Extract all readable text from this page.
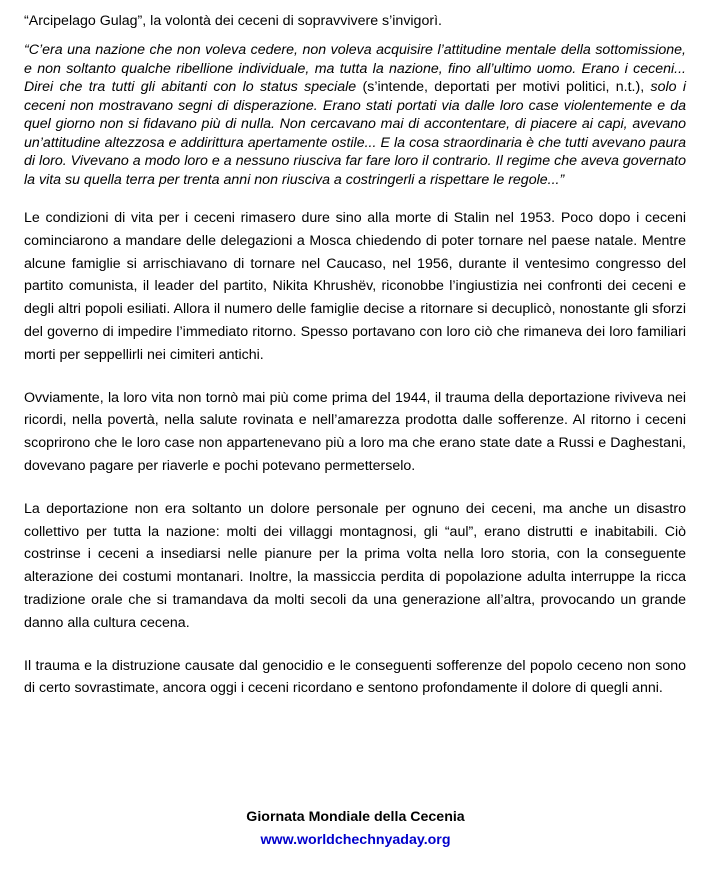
“Arcipelago Gulag”, la volontà dei ceceni di sopravvivere s’invigorì.

“C’era una nazione che non voleva cedere, non voleva acquisire l’attitudine mentale della sottomissione, e non soltanto qualche ribellione individuale, ma tutta la nazione, fino all’ultimo uomo. Erano i ceceni... Direi che tra tutti gli abitanti con lo status speciale (s’intende, deportati per motivi politici, n.t.), solo i ceceni non mostravano segni di disperazione. Erano stati portati via dalle loro case violentemente e da quel giorno non si fidavano più di nulla. Non cercavano mai di accontentare, di piacere ai capi, avevano un’attitudine altezzosa e addirittura apertamente ostile... E la cosa straordinaria è che tutti avevano paura di loro. Vivevano a modo loro e a nessuno riusciva far fare loro il contrario. Il regime che aveva governato la vita su quella terra per trenta anni non riusciva a costringerli a rispettare le regole...”

Le condizioni di vita per i ceceni rimasero dure sino alla morte di Stalin nel 1953. Poco dopo i ceceni cominciarono a mandare delle delegazioni a Mosca chiedendo di poter tornare nel paese natale. Mentre alcune famiglie si arrischiavano di tornare nel Caucaso, nel 1956, durante il ventesimo congresso del partito comunista, il leader del partito, Nikita Khrushëv, riconobbe l’ingiustizia nei confronti dei ceceni e degli altri popoli esiliati. Allora il numero delle famiglie decise a ritornare si decuplicò, nonostante gli sforzi del governo di impedire l’immediato ritorno. Spesso portavano con loro ciò che rimaneva dei loro familiari morti per seppellirli nei cimiteri antichi.

Ovviamente, la loro vita non tornò mai più come prima del 1944, il trauma della deportazione riviveva nei ricordi, nella povertà, nella salute rovinata e nell’amarezza prodotta dalle sofferenze. Al ritorno i ceceni scoprirono che le loro case non appartenevano più a loro ma che erano state date a Russi e Daghestani, dovevano pagare per riaverle e pochi potevano permetterselo.

La deportazione non era soltanto un dolore personale per ognuno dei ceceni, ma anche un disastro collettivo per tutta la nazione: molti dei villaggi montagnosi, gli “aul”, erano distrutti e inabitabili. Ciò costrinse i ceceni a insediarsi nelle pianure per la prima volta nella loro storia, con la conseguente alterazione dei costumi montanari. Inoltre, la massiccia perdita di popolazione adulta interruppe la ricca tradizione orale che si tramandava da molti secoli da una generazione all’altra, provocando un grande danno alla cultura cecena.

Il trauma e la distruzione causate dal genocidio e le conseguenti sofferenze del popolo ceceno non sono di certo sovrastimate, ancora oggi i ceceni ricordano e sentono profondamente il dolore di quegli anni.

Giornata Mondiale della Cecenia
www.worldchechnyaday.org
